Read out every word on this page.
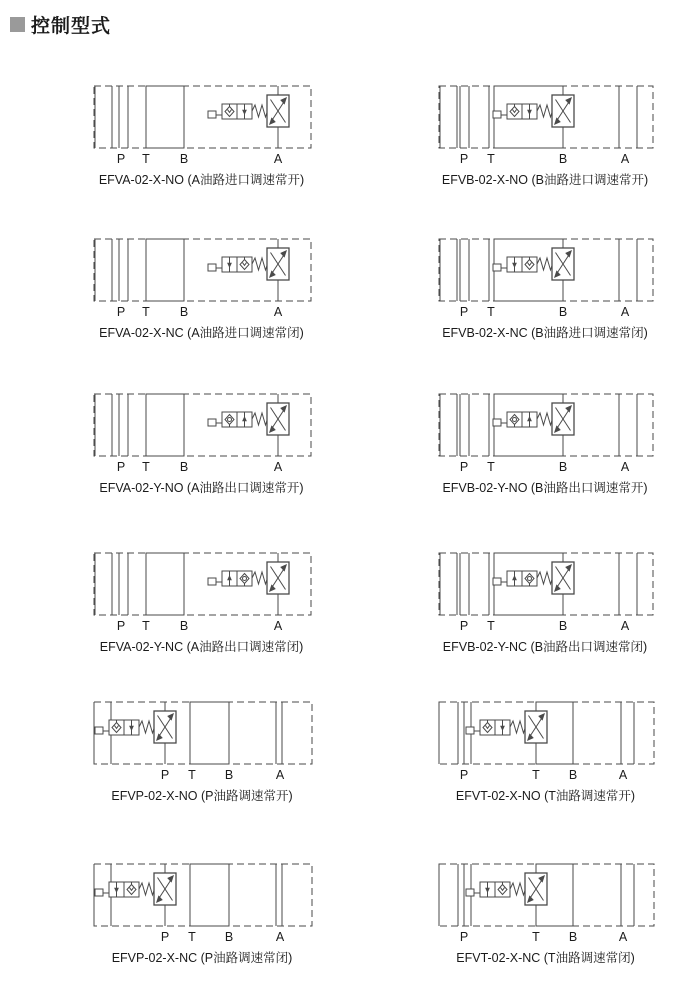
控制型式
P T B	A
EFVA-02-X-NO (A油路进口调速常开)
P T	B	A
EFVB-02-X-NO (B油路进口调速常开)
P T B	A
EFVA-02-X-NC (A油路进口调速常闭)
P T	B	A
EFVB-02-X-NC (B油路进口调速常闭)
P T B	A
EFVA-02-Y-NO (A油路出口调速常开)
P T	B	A
EFVB-02-Y-NO (B油路出口调速常开)
P T B	A
EFVA-02-Y-NC (A油路出口调速常闭)
P T	B	A
EFVB-02-Y-NC (B油路出口调速常闭)
P T B	A
EFVP-02-X-NO (P油路调速常开)
P	T B	A
EFVT-02-X-NO (T油路调速常开)
P T B	A
EFVP-02-X-NC (P油路调速常闭)
P	T B	A
EFVT-02-X-NC (T油路调速常闭)
